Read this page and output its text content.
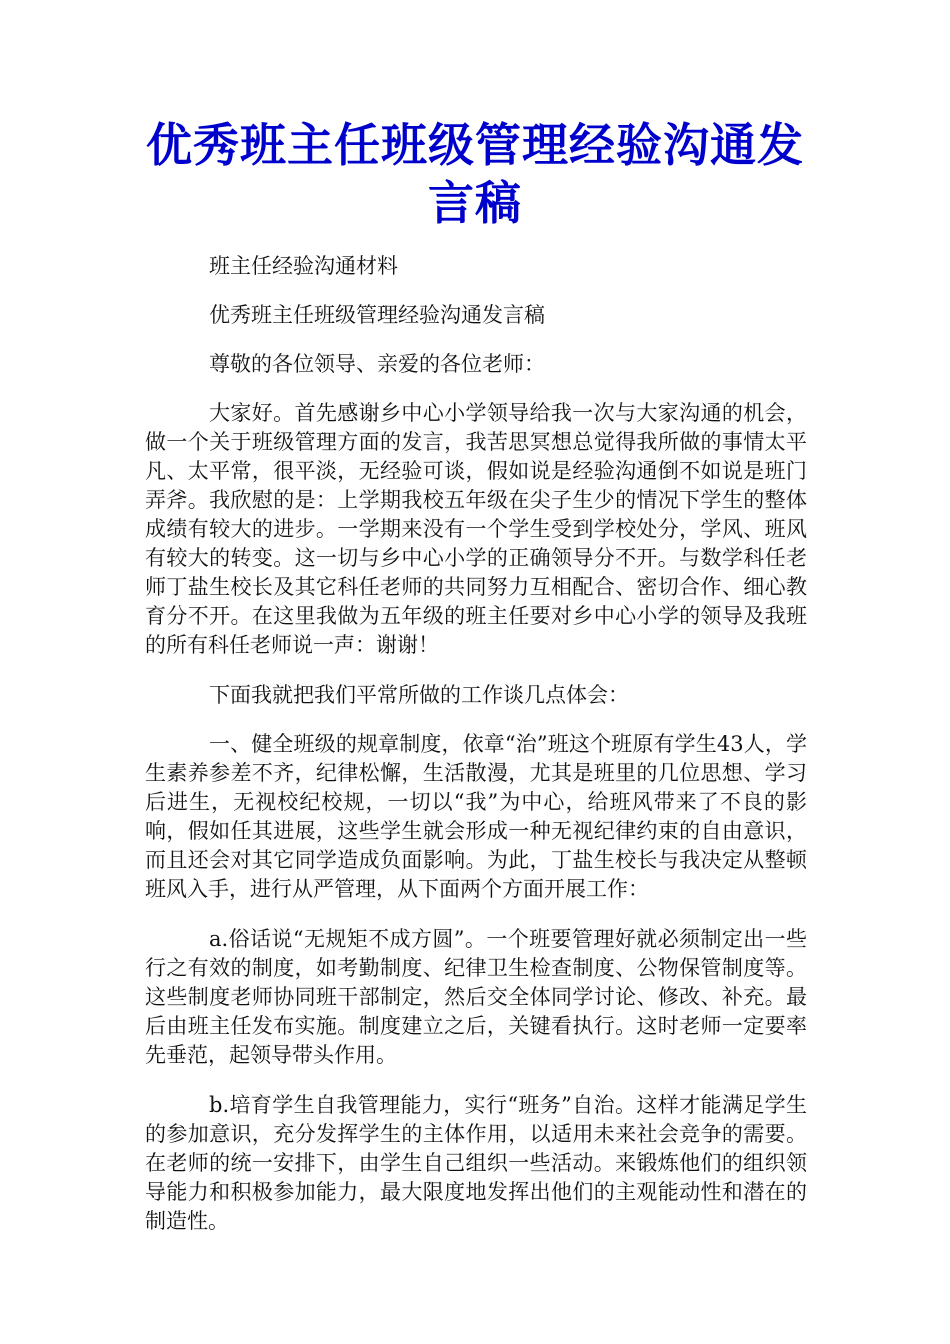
优秀班主任班级管理经验沟通发言稿

班主任经验沟通材料

优秀班主任班级管理经验沟通发言稿

尊敬的各位领导、亲爱的各位老师：

大家好。首先感谢乡中心小学领导给我一次与大家沟通的机会，做一个关于班级管理方面的发言，我苦思冥想总觉得我所做的事情太平凡、太平常，很平淡，无经验可谈，假如说是经验沟通倒不如说是班门弄斧。我欣慰的是：上学期我校五年级在尖子生少的情况下学生的整体成绩有较大的进步。一学期来没有一个学生受到学校处分，学风、班风有较大的转变。这一切与乡中心小学的正确领导分不开。与数学科任老师丁盐生校长及其它科任老师的共同努力互相配合、密切合作、细心教育分不开。在这里我做为五年级的班主任要对乡中心小学的领导及我班的所有科任老师说一声：谢谢！

下面我就把我们平常所做的工作谈几点体会：

一、健全班级的规章制度，依章“治”班这个班原有学生43人，学生素养参差不齐，纪律松懈，生活散漫，尤其是班里的几位思想、学习后进生，无视校纪校规，一切以“我”为中心，给班风带来了不良的影响，假如任其进展，这些学生就会形成一种无视纪律约束的自由意识，而且还会对其它同学造成负面影响。为此，丁盐生校长与我决定从整顿班风入手，进行从严管理，从下面两个方面开展工作：

a.俗话说“无规矩不成方圆”。一个班要管理好就必须制定出一些行之有效的制度，如考勤制度、纪律卫生检查制度、公物保管制度等。这些制度老师协同班干部制定，然后交全体同学讨论、修改、补充。最后由班主任发布实施。制度建立之后，关键看执行。这时老师一定要率先垂范，起领导带头作用。

b.培育学生自我管理能力，实行“班务”自治。这样才能满足学生的参加意识，充分发挥学生的主体作用，以适用未来社会竞争的需要。在老师的统一安排下，由学生自己组织一些活动。来锻炼他们的组织领导能力和积极参加能力，最大限度地发挥出他们的主观能动性和潜在的制造性。
